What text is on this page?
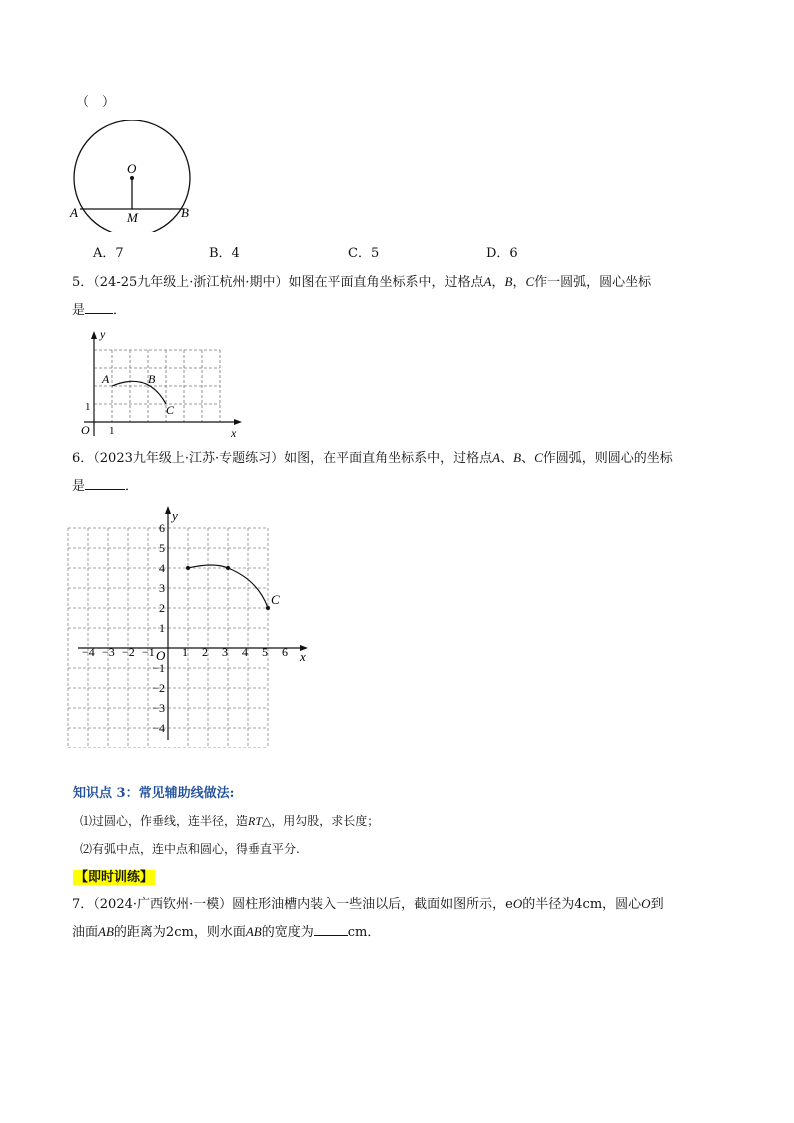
（　）
O
A	M	B
A．7	B．4	C．5	D．6
5．（24-25九年级上·浙江杭州·期中）如图在平面直角坐标系中，过格点A，B，C作一圆弧，圆心坐标
是 ．
y
x
O 1
1
A	B
C
6．（2023九年级上·江苏·专题练习）如图，在平面直角坐标系中，过格点A、B、C作圆弧，则圆心的坐标
是	．
y
x
O
C
−4 −3 −2 −1 1 2 3 4 5 6
6
5
4
3
2
1
−1
−2
−3
−4
知识点 3：常见辅助线做法:
⑴过圆心，作垂线，连半径，造RT△，用勾股，求长度；
⑵有弧中点，连中点和圆心，得垂直平分.
【即时训练】
7．（2024·广西钦州·一模）圆柱形油槽内装入一些油以后，截面如图所示，eO的半径为4cm，圆心O到
油面AB的距离为2cm，则水面AB的宽度为	cm．
